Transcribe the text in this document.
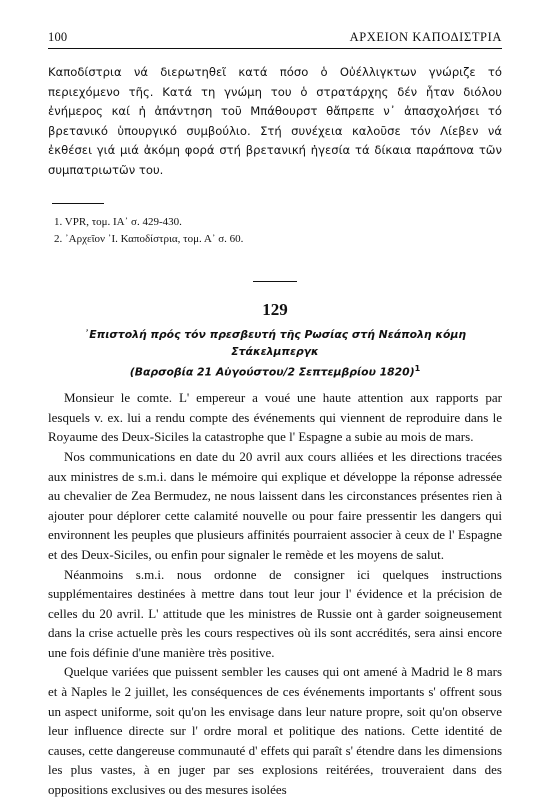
100	ΑΡΧΕΙΟΝ ΚΑΠΟΔΙΣΤΡΙΑ

Καποδίστρια νά διερωτηθεῖ κατά πόσο ὁ Οὐέλλιγκτων γνώριζε τό περιεχόμενο τῆς. Κατά τη γνώμη του ὁ στρατάρχης δέν ἦταν διόλου ἐνήμερος καί ἡ ἀπάντηση τοῦ Μπάθουρστ θἄπρεπε ν᾽ ἀπασχολήσει τό βρετανικό ὑπουργικό συμβούλιο. Στή συνέχεια καλοῦσε τόν Λίεβεν νά ἐκθέσει γιά μιά ἀκόμη φορά στή βρετανική ἡγεσία τά δίκαια παράπονα τῶν συμπατριωτῶν του.

1. VPR, τομ. ΙΑ᾽ σ. 429-430.
2. ᾽Αρχεῖον ᾽Ι. Καποδίστρια, τομ. Α᾽ σ. 60.
129
᾽Επιστολή πρός τόν πρεσβευτή τῆς Ρωσίας στή Νεάπολη κόμη Στάκελμπεργκ
(Βαρσοβία 21 Αὐγούστου/2 Σεπτεμβρίου 1820)$^1$

Monsieur le comte. L' empereur a voué une haute attention aux rapports par lesquels v. ex. lui a rendu compte des événements qui viennent de reproduire dans le Royaume des Deux-Siciles la catastrophe que l' Espagne a subie au mois de mars.

Nos communications en date du 20 avril aux cours alliées et les directions tracées aux ministres de s.m.i. dans le mémoire qui explique et développe la réponse adressée au chevalier de Zea Bermudez, ne nous laissent dans les circonstances présentes rien à ajouter pour déplorer cette calamité nouvelle ou pour faire pressentir les dangers qui environnent les peuples que plusieurs affinités pourraient associer à ceux de l' Espagne et des Deux-Siciles, ou enfin pour signaler le remède et les moyens de salut.

Néanmoins s.m.i. nous ordonne de consigner ici quelques instructions supplémentaires destinées à mettre dans tout leur jour l' évidence et la précision de celles du 20 avril. L' attitude que les ministres de Russie ont à garder soigneusement dans la crise actuelle près les cours respectives où ils sont accrédités, sera ainsi encore une fois définie d'une manière très positive.

Quelque variées que puissent sembler les causes qui ont amené à Madrid le 8 mars et à Naples le 2 juillet, les conséquences de ces événements importants s' offrent sous un aspect uniforme, soit qu'on les envisage dans leur nature propre, soit qu'on observe leur influence directe sur l' ordre moral et politique des nations. Cette identité de causes, cette dangereuse communauté d' effets qui paraît s' étendre dans les dimensions les plus vastes, à en juger par ses explosions reitérées, trouveraient dans des oppositions exclusives ou des mesures isolées
